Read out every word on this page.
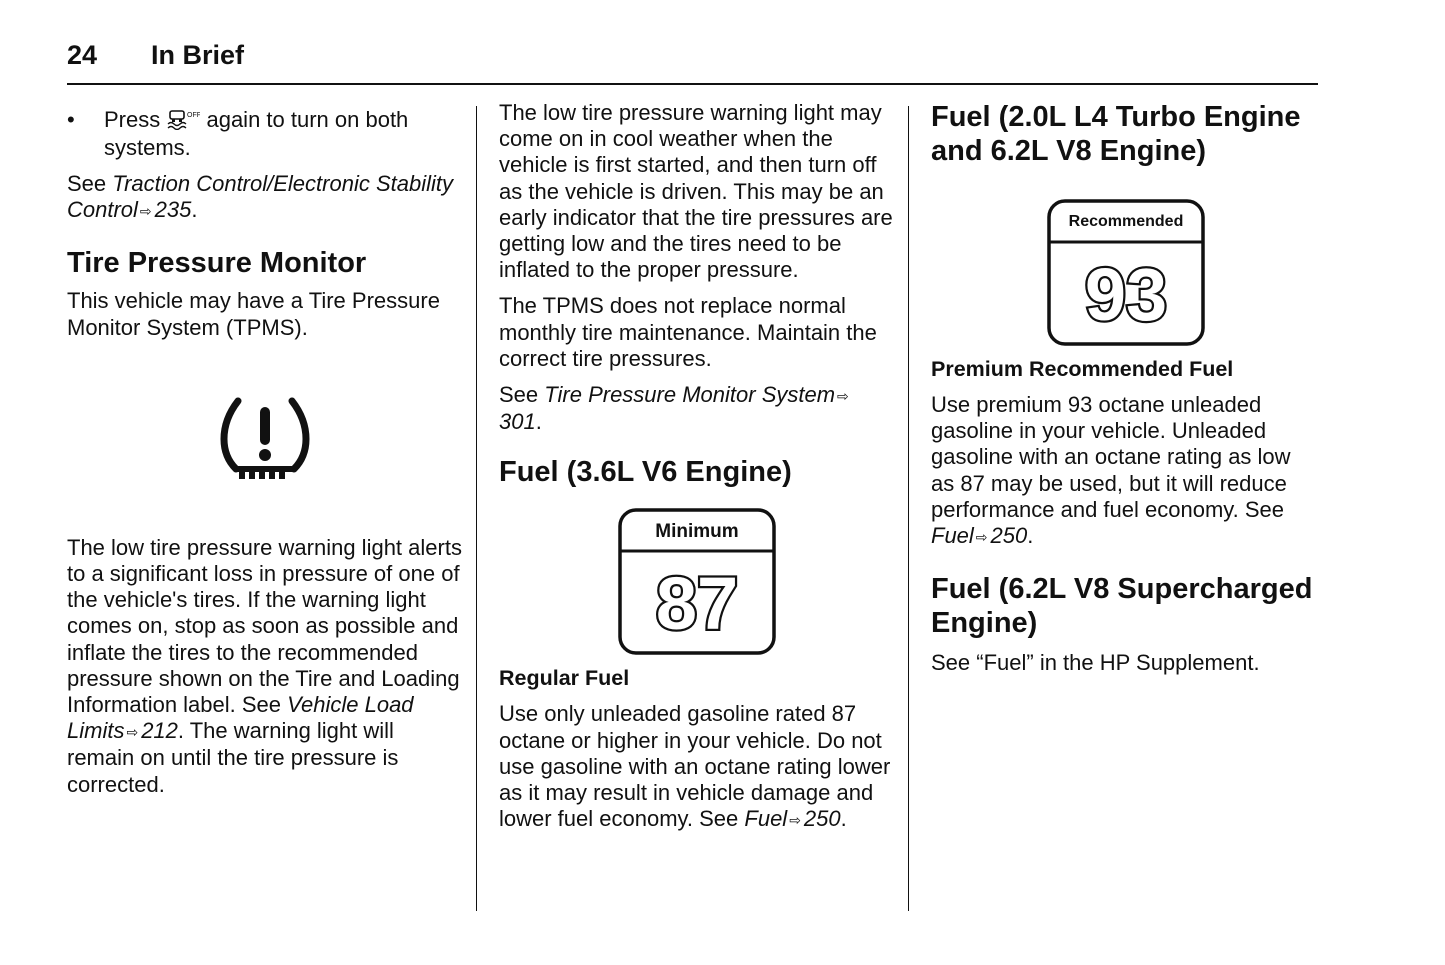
24 In Brief
• Press	OFF again to turn on both systems.

See Traction Control/Electronic Stability Control ⇨ 235.

Tire Pressure Monitor

This vehicle may have a Tire Pressure Monitor System (TPMS).

The low tire pressure warning light alerts to a significant loss in pressure of one of the vehicle's tires. If the warning light comes on, stop as soon as possible and inflate the tires to the recommended pressure shown on the Tire and Loading Information label. See Vehicle Load Limits ⇨ 212. The warning light will remain on until the tire pressure is corrected.

The low tire pressure warning light may come on in cool weather when the vehicle is first started, and then turn off as the vehicle is driven. This may be an early indicator that the tire pressures are getting low and the tires need to be inflated to the proper pressure.

The TPMS does not replace normal monthly tire maintenance. Maintain the correct tire pressures.

See Tire Pressure Monitor System ⇨301.

Fuel (3.6L V6 Engine)
Minimum
87
Regular Fuel

Use only unleaded gasoline rated 87 octane or higher in your vehicle. Do not use gasoline with an octane rating lower as it may result in vehicle damage and lower fuel economy. See Fuel ⇨ 250.

Fuel (2.0L L4 Turbo Engine and 6.2L V8 Engine)
Recommended
93
Premium Recommended Fuel

Use premium 93 octane unleaded gasoline in your vehicle. Unleaded gasoline with an octane rating as low as 87 may be used, but it will reduce performance and fuel economy. See Fuel ⇨ 250.

Fuel (6.2L V8 Supercharged Engine)

See “Fuel” in the HP Supplement.
